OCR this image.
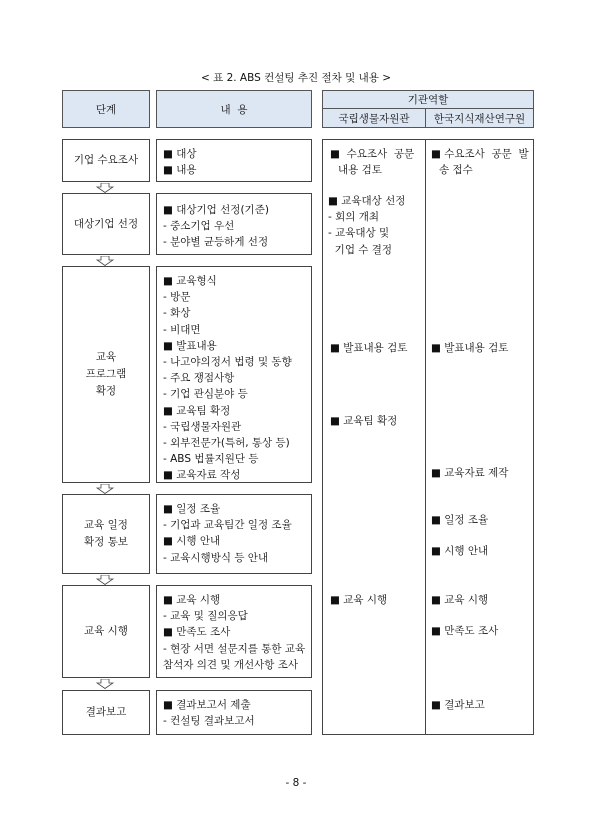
< 표 2. ABS 컨설팅 추진 절차 및 내용 >
단계	내  용
기관역할
국립생물자원관 한국지식재산연구원
기업 수요조사 ■ 대상
■ 내용
대상기업 선정
■ 대상기업 선정(기준)
- 중소기업 우선
- 분야별 균등하게 선정
교육
프로그램
확정
■ 교육형식
- 방문
- 화상
- 비대면
■ 발표내용
- 나고야의정서 법령 및 동향
- 주요 쟁점사항
- 기업 관심분야 등
■ 교육팀 확정
- 국립생물자원관
- 외부전문가(특허, 통상 등)
- ABS 법률지원단 등
■ 교육자료 작성
교육 일정
확정 통보
■ 일정 조율
- 기업과 교육팀간 일정 조율
■ 시행 안내
- 교육시행방식 등 안내
교육 시행
■ 교육 시행
- 교육 및 질의응답
■ 만족도 조사
- 현장 서면 설문지를 통한 교육
참석자 의견 및 개선사항 조사
결과보고
■ 결과보고서 제출
- 컨설팅 결과보고서
■  수요조사  공문
내용 검토
■ 교육대상 선정
- 회의 개최
- 교육대상 및
기업 수 결정
■ 발표내용 검토
■ 교육팀 확정
■ 교육 시행
■ 수요조사  공문  발
송 접수
■ 발표내용 검토
■ 교육자료 제작
■ 일정 조율
■ 시행 안내
■ 교육 시행
■ 만족도 조사
■ 결과보고
- 8 -
